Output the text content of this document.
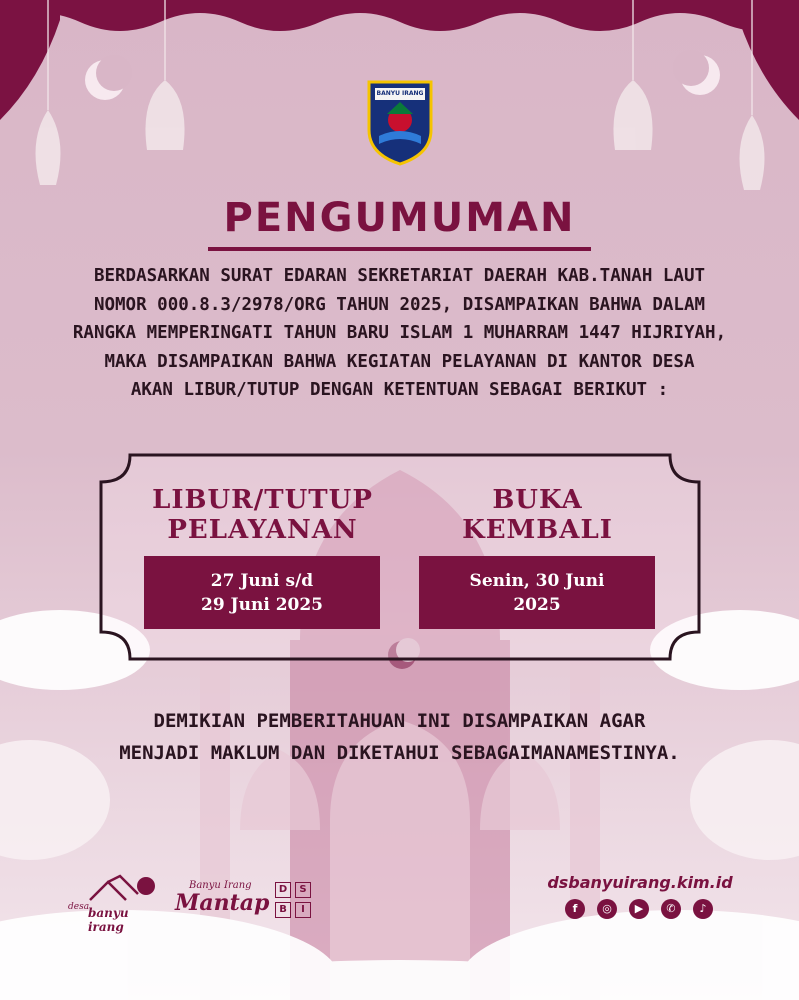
BANYU IRANG
PENGUMUMAN
BERDASARKAN SURAT EDARAN SEKRETARIAT DAERAH KAB.TANAH LAUT
NOMOR 000.8.3/2978/ORG TAHUN 2025, DISAMPAIKAN BAHWA DALAM
RANGKA MEMPERINGATI TAHUN BARU ISLAM 1 MUHARRAM 1447 HIJRIYAH,
MAKA DISAMPAIKAN BAHWA KEGIATAN PELAYANAN DI KANTOR DESA
AKAN LIBUR/TUTUP DENGAN KETENTUAN SEBAGAI BERIKUT :
LIBUR/TUTUP
PELAYANAN
27 Juni s/d
29 Juni 2025
BUKA
KEMBALI
Senin, 30 Juni
2025
DEMIKIAN PEMBERITAHUAN INI DISAMPAIKAN AGAR
MENJADI MAKLUM DAN DIKETAHUI SEBAGAIMANAMESTINYA.
desa
banyu irang
Banyu Irang
Mantap
D	S
B	I
dsbanyuirang.kim.id
f	◎	▶	✆	♪
